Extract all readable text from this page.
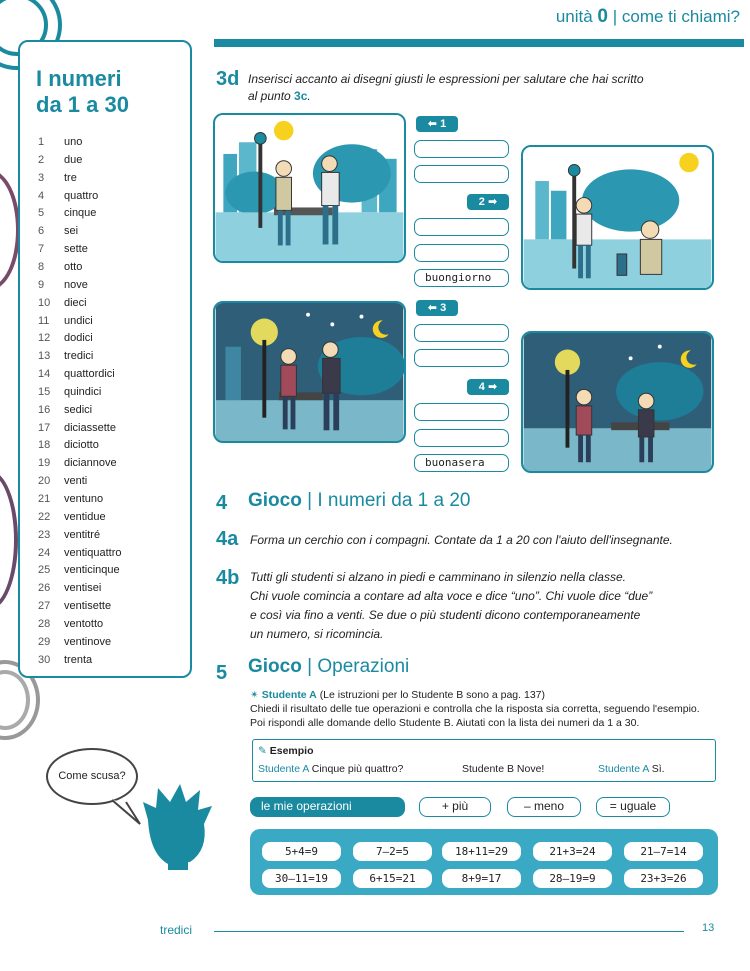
unità 0 | come ti chiami?
I numeri
da 1 a 30
1	uno
2	due
3	tre
4	quattro
5	cinque
6	sei
7	sette
8	otto
9	nove
10	dieci
11	undici
12	dodici
13	tredici
14	quattordici
15	quindici
16	sedici
17	diciassette
18	diciotto
19	diciannove
20	venti
21	ventuno
22	ventidue
23	ventitré
24	ventiquattro
25	venticinque
26	ventisei
27	ventisette
28	ventotto
29	ventinove
30	trenta
3d Inserisci accanto ai disegni giusti le espressioni per salutare che hai scritto
al punto 3c.
⬅ 1
2 ➡
buongiorno
⬅ 3
4 ➡
buonasera
4 Gioco | I numeri da 1 a 20
4a Forma un cerchio con i compagni. Contate da 1 a 20 con l'aiuto dell'insegnante.
4b Tutti gli studenti si alzano in piedi e camminano in silenzio nella classe.
Chi vuole comincia a contare ad alta voce e dice “uno”. Chi vuole dice “due”
e così via fino a venti. Se due o più studenti dicono contemporaneamente
un numero, si ricomincia.
5 Gioco | Operazioni
✴ Studente A (Le istruzioni per lo Studente B sono a pag. 137)
Chiedi il risultato delle tue operazioni e controlla che la risposta sia corretta, seguendo l'esempio.
Poi rispondi alle domande dello Studente B. Aiutati con la lista dei numeri da 1 a 30.
✎ Esempio
Studente A Cinque più quattro?	Studente B Nove!	Studente A Sì.
le mie operazioni	+ più	– meno	= uguale
5+4=9	7–2=5	18+11=29	21+3=24	21–7=14
30–11=19	6+15=21	8+9=17	28–19=9	23+3=26
Come scusa?
tredici	13
